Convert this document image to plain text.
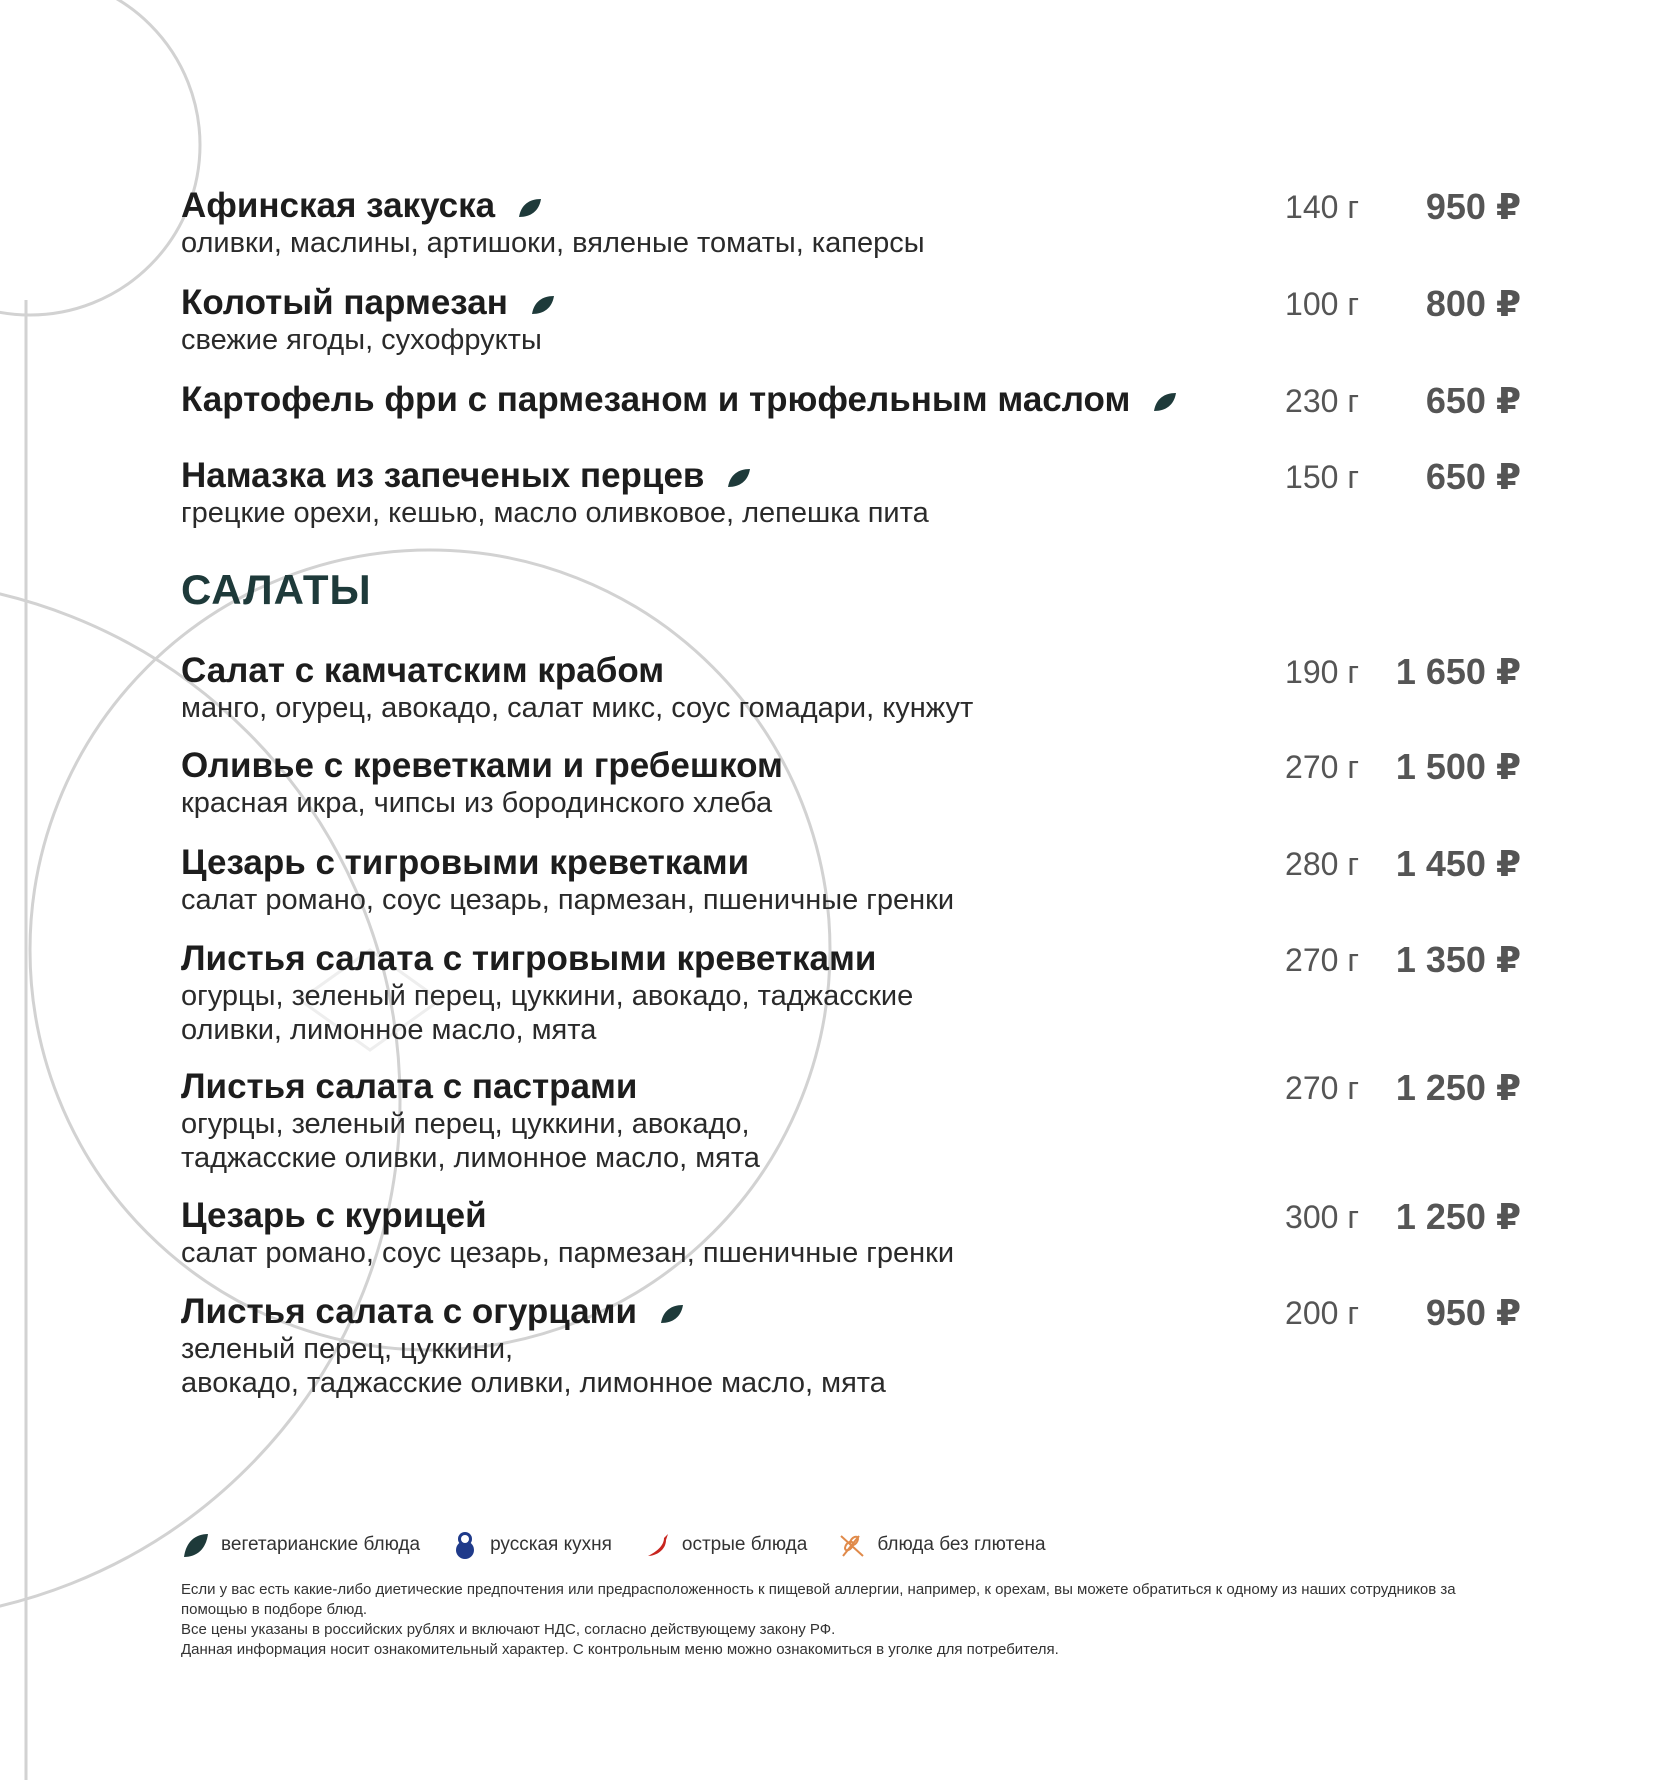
Афинская закуска
оливки, маслины, артишоки, вяленые томаты, каперсы
140 г	950 ₽
Колотый пармезан
свежие ягоды, сухофрукты
100 г	800 ₽
Картофель фри с пармезаном и трюфельным маслом	230 г	650 ₽
Намазка из запеченых перцев
грецкие орехи, кешью, масло оливковое, лепешка пита
150 г	650 ₽
САЛАТЫ
Салат с камчатским крабом
манго, огурец, авокадо, салат микс, соус гомадари, кунжут
190 г	1 650 ₽
Оливье с креветками и гребешком
красная икра, чипсы из бородинского хлеба
270 г	1 500 ₽
Цезарь с тигровыми креветками
салат романо, соус цезарь, пармезан, пшеничные гренки
280 г	1 450 ₽
Листья салата с тигровыми креветками
огурцы, зеленый перец, цуккини, авокадо, таджасские
оливки, лимонное масло, мята
270 г	1 350 ₽
Листья салата с пастрами
огурцы, зеленый перец, цуккини, авокадо,
таджасские оливки, лимонное масло, мята
270 г	1 250 ₽
Цезарь с курицей
салат романо, соус цезарь, пармезан, пшеничные гренки
300 г	1 250 ₽
Листья салата с огурцами
зеленый перец, цуккини,
авокадо, таджасские оливки, лимонное масло, мята
200 г	950 ₽
вегетарианские блюда	русская кухня	острые блюда	блюда без глютена
Если у вас есть какие-либо диетические предпочтения или предрасположенность к пищевой аллергии, например, к орехам, вы можете обратиться к одному из наших сотрудников за помощью в подборе блюд.
Все цены указаны в российских рублях и включают НДС, согласно действующему закону РФ.
Данная информация носит ознакомительный характер. С контрольным меню можно ознакомиться в уголке для потребителя.
